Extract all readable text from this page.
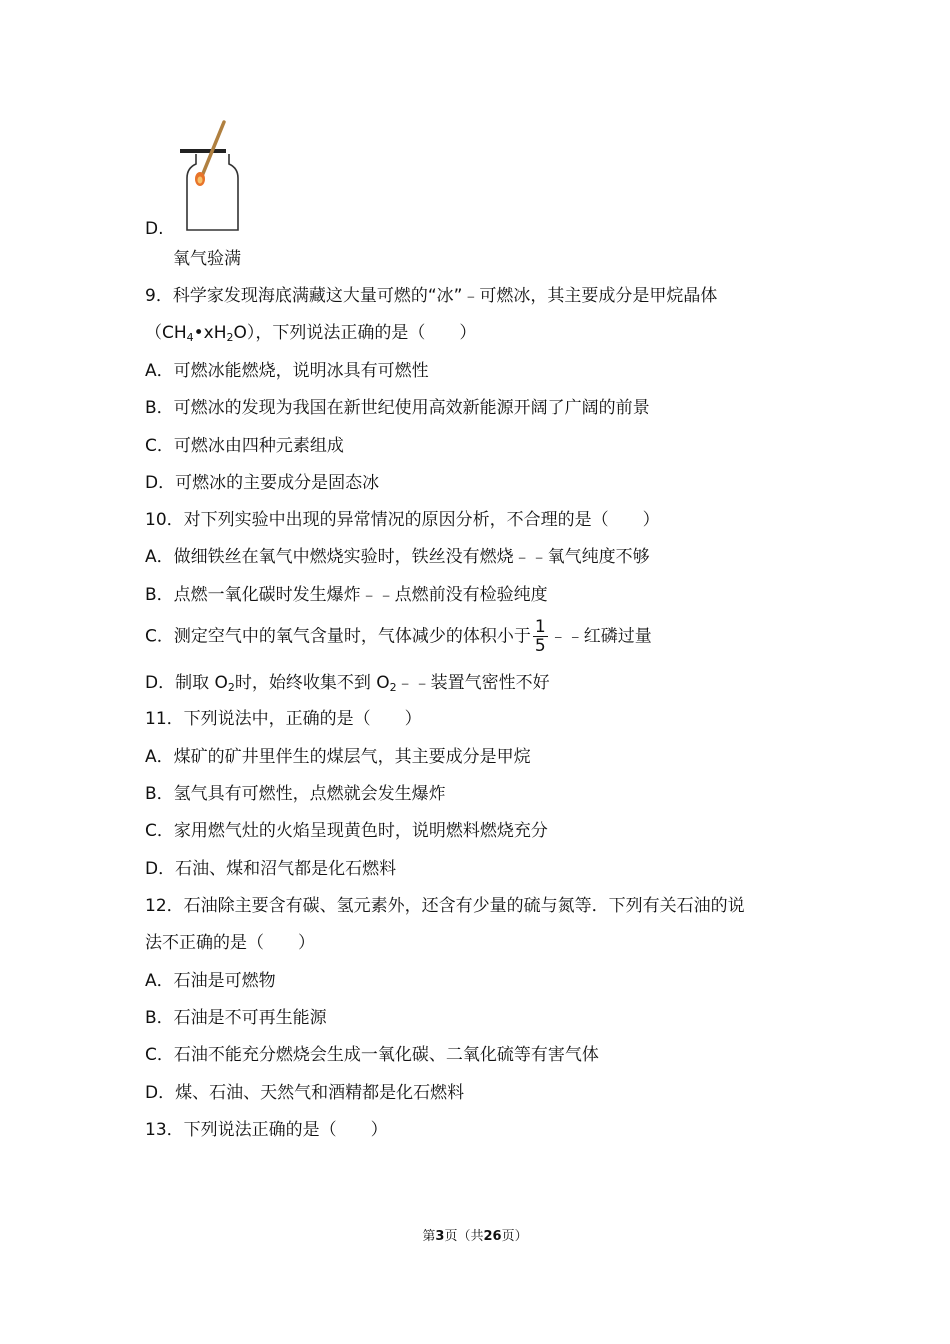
D.
氧气验满
9．科学家发现海底满藏这大量可燃的“冰”﹣可燃冰，其主要成分是甲烷晶体
$(CH_4•xH_2O)$，下列说法正确的是（　　）
A．可燃冰能燃烧，说明冰具有可燃性
B．可燃冰的发现为我国在新世纪使用高效新能源开阔了广阔的前景
C．可燃冰由四种元素组成
D．可燃冰的主要成分是固态冰
10．对下列实验中出现的异常情况的原因分析，不合理的是（　　）
A．做细铁丝在氧气中燃烧实验时，铁丝没有燃烧﹣﹣氧气纯度不够
B．点燃一氧化碳时发生爆炸﹣﹣点燃前没有检验纯度
C．测定空气中的氧气含量时，气体减少的体积小于 $\frac{1}{5}$ ﹣﹣红磷过量
D．制取 $O_2$时，始终收集不到 $O_2﹣﹣$装置气密性不好
11．下列说法中，正确的是（　　）
A．煤矿的矿井里伴生的煤层气，其主要成分是甲烷
B．氢气具有可燃性，点燃就会发生爆炸
C．家用燃气灶的火焰呈现黄色时，说明燃料燃烧充分
D．石油、煤和沼气都是化石燃料
12．石油除主要含有碳、氢元素外，还含有少量的硫与氮等．下列有关石油的说
法不正确的是（　　）
A．石油是可燃物
B．石油是不可再生能源
C．石油不能充分燃烧会生成一氧化碳、二氧化硫等有害气体
D．煤、石油、天然气和酒精都是化石燃料
13．下列说法正确的是（　　）
第3页（共26页）
